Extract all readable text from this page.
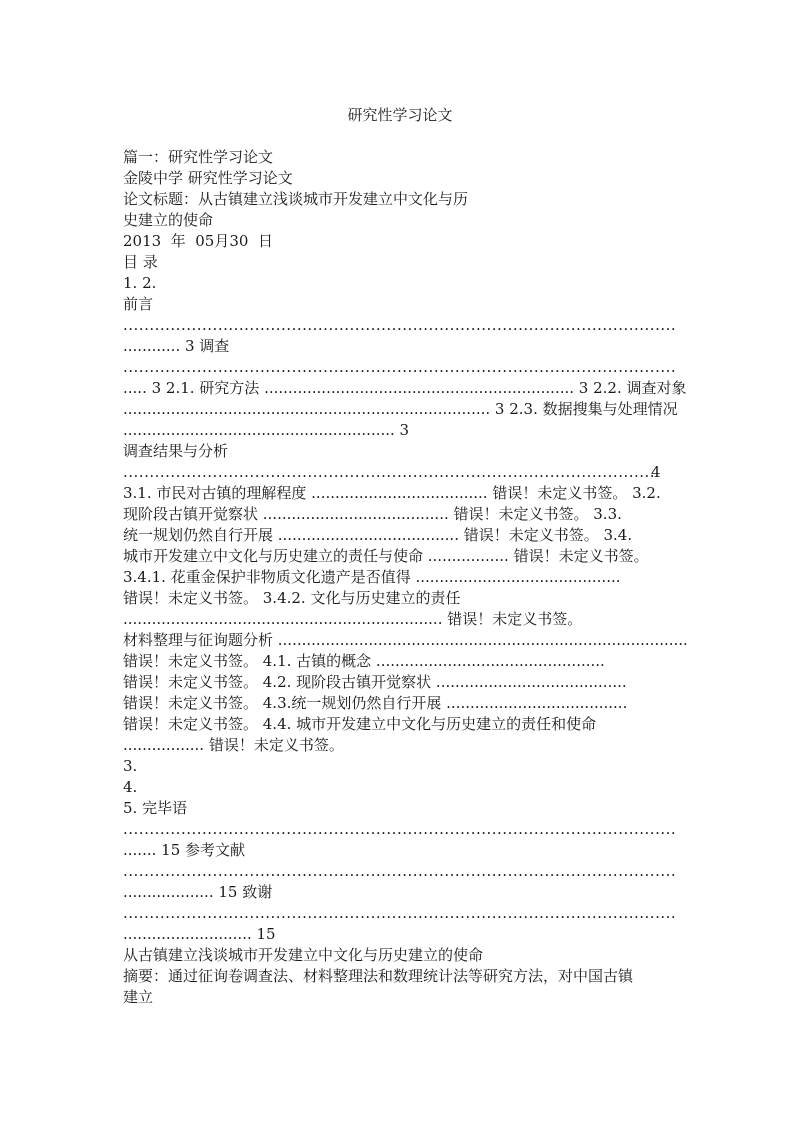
研究性学习论文
篇一：研究性学习论文
金陵中学 研究性学习论文
论文标题：从古镇建立浅谈城市开发建立中文化与历
史建立的使命
2013  年  05月30  日
目 录
1. 2.
前言
.....
............ 3 调查
.....
..... 3 2.1. 研究方法 ................................................................. 3 2.2. 调查对象
............................................................................. 3 2.3. 数据搜集与处理情况
......................................................... 3
调查结果与分析
.....
4
3.1. 市民对古镇的理解程度 ..................................... 错误！未定义书签。 3.2.
现阶段古镇开觉察状 ....................................... 错误！未定义书签。 3.3.
统一规划仍然自行开展 ...................................... 错误！未定义书签。 3.4.
城市开发建立中文化与历史建立的责任与使命 ................. 错误！未定义书签。
3.4.1. 花重金保护非物质文化遗产是否值得 ...........................................
错误！未定义书签。 3.4.2. 文化与历史建立的责任
................................................................... 错误！未定义书签。
材料整理与征询题分析 ......................................................................................
错误！未定义书签。 4.1. 古镇的概念 ................................................
错误！未定义书签。 4.2. 现阶段古镇开觉察状 ........................................
错误！未定义书签。 4.3.统一规划仍然自行开展 ......................................
错误！未定义书签。 4.4. 城市开发建立中文化与历史建立的责任和使命
................. 错误！未定义书签。
3.
4.
5. 完毕语
.....
....... 15 参考文献
.....
................... 15 致谢
.....
........................... 15
从古镇建立浅谈城市开发建立中文化与历史建立的使命
摘要：通过征询卷调查法、材料整理法和数理统计法等研究方法，对中国古镇
建立
